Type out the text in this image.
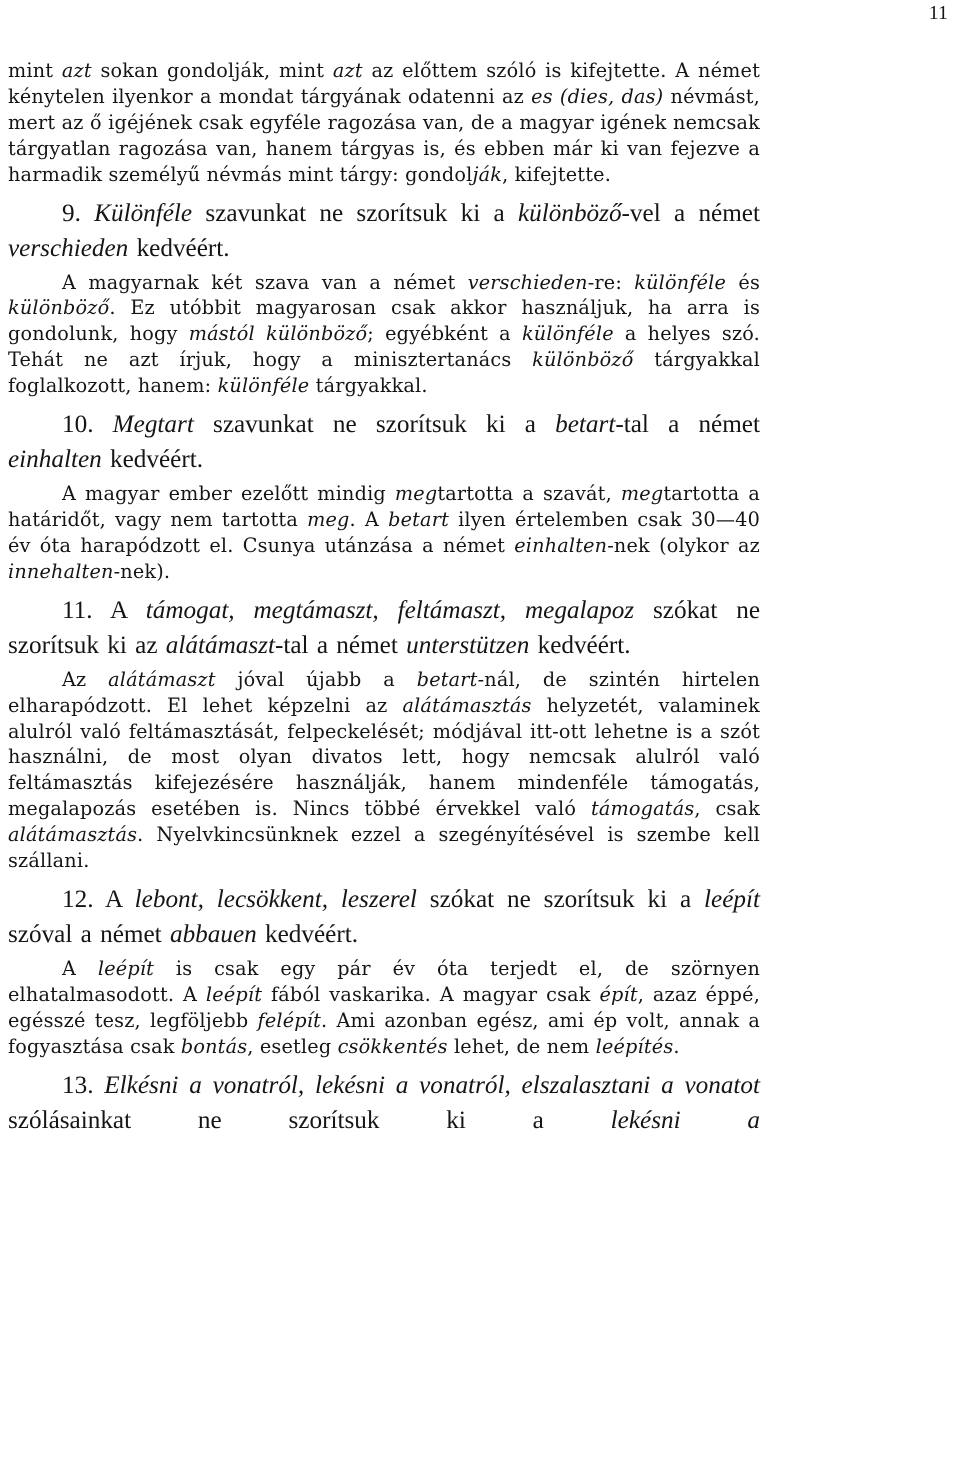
11

mint azt sokan gondolják, mint azt az előttem szóló is kifejtette. A német kénytelen ilyenkor a mondat tárgyának odatenni az es (dies, das) névmást, mert az ő igéjének csak egyféle ragozása van, de a magyar igének nemcsak tárgyatlan ragozása van, hanem tárgyas is, és ebben már ki van fejezve a harmadik személyű névmás mint tárgy: gondolják, kifejtette.

9. Különféle szavunkat ne szorítsuk ki a különböző-vel a német verschieden kedvéért.

A magyarnak két szava van a német verschieden-re: különféle és különböző. Ez utóbbit magyarosan csak akkor használjuk, ha arra is gondolunk, hogy mástól különböző; egyébként a különféle a helyes szó. Tehát ne azt írjuk, hogy a minisztertanács különböző tárgyakkal foglalkozott, hanem: különféle tárgyakkal.

10. Megtart szavunkat ne szorítsuk ki a betart-tal a német einhalten kedvéért.

A magyar ember ezelőtt mindig megtartotta a szavát, megtartotta a határidőt, vagy nem tartotta meg. A betart ilyen értelemben csak 30—40 év óta harapódzott el. Csunya utánzása a német einhalten-nek (olykor az innehalten-nek).

11. A támogat, megtámaszt, feltámaszt, megalapoz szókat ne szorítsuk ki az alátámaszt-tal a német unterstützen kedvéért.

Az alátámaszt jóval újabb a betart-nál, de szintén hirtelen elharapódzott. El lehet képzelni az alátámasztás helyzetét, valaminek alulról való feltámasztását, felpeckelését; módjával itt-ott lehetne is a szót használni, de most olyan divatos lett, hogy nemcsak alulról való feltámasztás kifejezésére használják, hanem mindenféle támogatás, megalapozás esetében is. Nincs többé érvekkel való támogatás, csak alátámasztás. Nyelvkincsünknek ezzel a szegényítésével is szembe kell szállani.

12. A lebont, lecsökkent, leszerel szókat ne szorítsuk ki a leépít szóval a német abbauen kedvéért.

A leépít is csak egy pár év óta terjedt el, de szörnyen elhatalmasodott. A leépít fából vaskarika. A magyar csak épít, azaz éppé, egésszé tesz, legföljebb felépít. Ami azonban egész, ami ép volt, annak a fogyasztása csak bontás, esetleg csökkentés lehet, de nem leépítés.

13. Elkésni a vonatról, lekésni a vonatról, elszalasztani a vonatot szólásainkat ne szorítsuk ki a lekésni a
